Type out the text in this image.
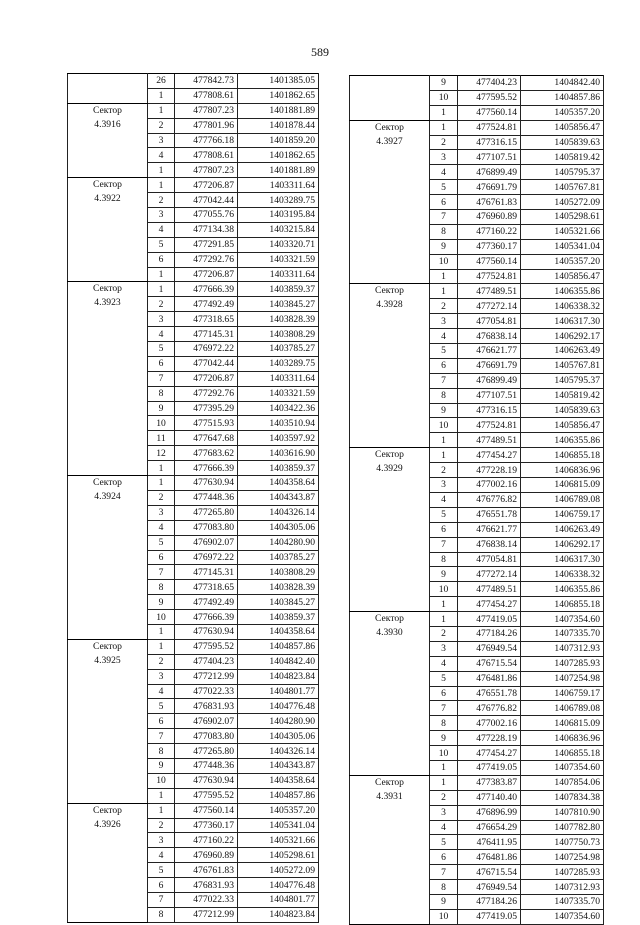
589
	26	477842.73	1401385.05
	1	477808.61	1401862.65

Сектор
4.3916	1	477807.23	1401881.89
	2	477801.96	1401878.44
	3	477766.18	1401859.20
	4	477808.61	1401862.65
	1	477807.23	1401881.89

Сектор
4.3922	1	477206.87	1403311.64
	2	477042.44	1403289.75
	3	477055.76	1403195.84
	4	477134.38	1403215.84
	5	477291.85	1403320.71
	6	477292.76	1403321.59
	1	477206.87	1403311.64

Сектор
4.3923	1	477666.39	1403859.37
	2	477492.49	1403845.27
	3	477318.65	1403828.39
	4	477145.31	1403808.29
	5	476972.22	1403785.27
	6	477042.44	1403289.75
	7	477206.87	1403311.64
	8	477292.76	1403321.59
	9	477395.29	1403422.36
	10	477515.93	1403510.94
	11	477647.68	1403597.92
	12	477683.62	1403616.90
	1	477666.39	1403859.37

Сектор
4.3924	1	477630.94	1404358.64
	2	477448.36	1404343.87
	3	477265.80	1404326.14
	4	477083.80	1404305.06
	5	476902.07	1404280.90
	6	476972.22	1403785.27
	7	477145.31	1403808.29
	8	477318.65	1403828.39
	9	477492.49	1403845.27
	10	477666.39	1403859.37
	1	477630.94	1404358.64

Сектор
4.3925	1	477595.52	1404857.86
	2	477404.23	1404842.40
	3	477212.99	1404823.84
	4	477022.33	1404801.77
	5	476831.93	1404776.48
	6	476902.07	1404280.90
	7	477083.80	1404305.06
	8	477265.80	1404326.14
	9	477448.36	1404343.87
	10	477630.94	1404358.64
	1	477595.52	1404857.86

Сектор
4.3926	1	477560.14	1405357.20
	2	477360.17	1405341.04
	3	477160.22	1405321.66
	4	476960.89	1405298.61
	5	476761.83	1405272.09
	6	476831.93	1404776.48
	7	477022.33	1404801.77
	8	477212.99	1404823.84
	9	477404.23	1404842.40
	10	477595.52	1404857.86
	1	477560.14	1405357.20

Сектор
4.3927	1	477524.81	1405856.47
	2	477316.15	1405839.63
	3	477107.51	1405819.42
	4	476899.49	1405795.37
	5	476691.79	1405767.81
	6	476761.83	1405272.09
	7	476960.89	1405298.61
	8	477160.22	1405321.66
	9	477360.17	1405341.04
	10	477560.14	1405357.20
	1	477524.81	1405856.47

Сектор
4.3928	1	477489.51	1406355.86
	2	477272.14	1406338.32
	3	477054.81	1406317.30
	4	476838.14	1406292.17
	5	476621.77	1406263.49
	6	476691.79	1405767.81
	7	476899.49	1405795.37
	8	477107.51	1405819.42
	9	477316.15	1405839.63
	10	477524.81	1405856.47
	1	477489.51	1406355.86

Сектор
4.3929	1	477454.27	1406855.18
	2	477228.19	1406836.96
	3	477002.16	1406815.09
	4	476776.82	1406789.08
	5	476551.78	1406759.17
	6	476621.77	1406263.49
	7	476838.14	1406292.17
	8	477054.81	1406317.30
	9	477272.14	1406338.32
	10	477489.51	1406355.86
	1	477454.27	1406855.18

Сектор
4.3930	1	477419.05	1407354.60
	2	477184.26	1407335.70
	3	476949.54	1407312.93
	4	476715.54	1407285.93
	5	476481.86	1407254.98
	6	476551.78	1406759.17
	7	476776.82	1406789.08
	8	477002.16	1406815.09
	9	477228.19	1406836.96
	10	477454.27	1406855.18
	1	477419.05	1407354.60

Сектор
4.3931	1	477383.87	1407854.06
	2	477140.40	1407834.38
	3	476896.99	1407810.90
	4	476654.29	1407782.80
	5	476411.95	1407750.73
	6	476481.86	1407254.98
	7	476715.54	1407285.93
	8	476949.54	1407312.93
	9	477184.26	1407335.70
	10	477419.05	1407354.60
